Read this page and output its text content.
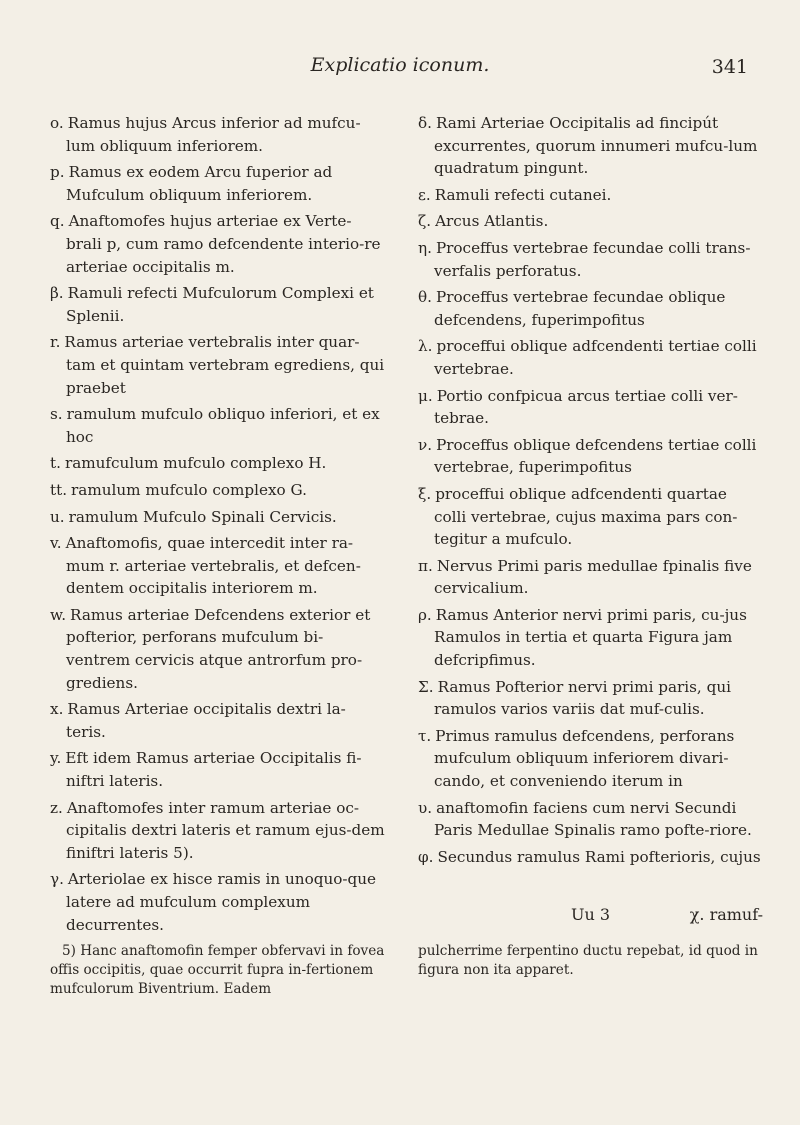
Explicatio iconum.	341

o. Ramus hujus Arcus inferior ad mufcu-lum obliquum inferiorem.

p. Ramus ex eodem Arcu fuperior ad Mufculum obliquum inferiorem.

q. Anaftomofes hujus arteriae ex Verte-brali p, cum ramo defcendente interio-re arteriae occipitalis m.

β. Ramuli refecti Mufculorum Complexi et Splenii.

r. Ramus arteriae vertebralis inter quar-tam et quintam vertebram egrediens, qui praebet

s. ramulum mufculo obliquo inferiori, et ex hoc

t. ramufculum mufculo complexo H.

tt. ramulum mufculo complexo G.

u. ramulum Mufculo Spinali Cervicis.

v. Anaftomofis, quae intercedit inter ra-mum r. arteriae vertebralis, et defcen-dentem occipitalis interiorem m.

w. Ramus arteriae Defcendens exterior et pofterior, perforans mufculum bi-ventrem cervicis atque antrorfum pro-grediens.

x. Ramus Arteriae occipitalis dextri la-teris.

y. Eft idem Ramus arteriae Occipitalis fi-niftri lateris.

z. Anaftomofes inter ramum arteriae oc-cipitalis dextri lateris et ramum ejus-dem finiftri lateris 5).

γ. Arteriolae ex hisce ramis in unoquo-que latere ad mufculum complexum decurrentes.

δ. Rami Arteriae Occipitalis ad fincipút excurrentes, quorum innumeri mufcu-lum quadratum pingunt.

ε. Ramuli refecti cutanei.

ζ. Arcus Atlantis.

η. Proceffus vertebrae fecundae colli trans-verfalis perforatus.

θ. Proceffus vertebrae fecundae oblique defcendens, fuperimpofitus

λ. proceffui oblique adfcendenti tertiae colli vertebrae.

μ. Portio confpicua arcus tertiae colli ver-tebrae.

ν. Proceffus oblique defcendens tertiae colli vertebrae, fuperimpofitus

ξ. proceffui oblique adfcendenti quartae colli vertebrae, cujus maxima pars con-tegitur a mufculo.

π. Nervus Primi paris medullae fpinalis five cervicalium.

ρ. Ramus Anterior nervi primi paris, cu-jus Ramulos in tertia et quarta Figura jam defcripfimus.

Σ. Ramus Pofterior nervi primi paris, qui ramulos varios variis dat muf-culis.

τ. Primus ramulus defcendens, perforans mufculum obliquum inferiorem divari-cando, et conveniendo iterum in

υ. anaftomofin faciens cum nervi Secundi Paris Medullae Spinalis ramo pofte-riore.

φ. Secundus ramulus Rami pofterioris, cujus

Uu 3	χ. ramuf-
5) Hanc anaftomofin femper obfervavi in fovea offis occipitis, quae occurrit fupra in-fertionem mufculorum Biventrium. Eadem
pulcherrime ferpentino ductu repebat, id quod in figura non ita apparet.
